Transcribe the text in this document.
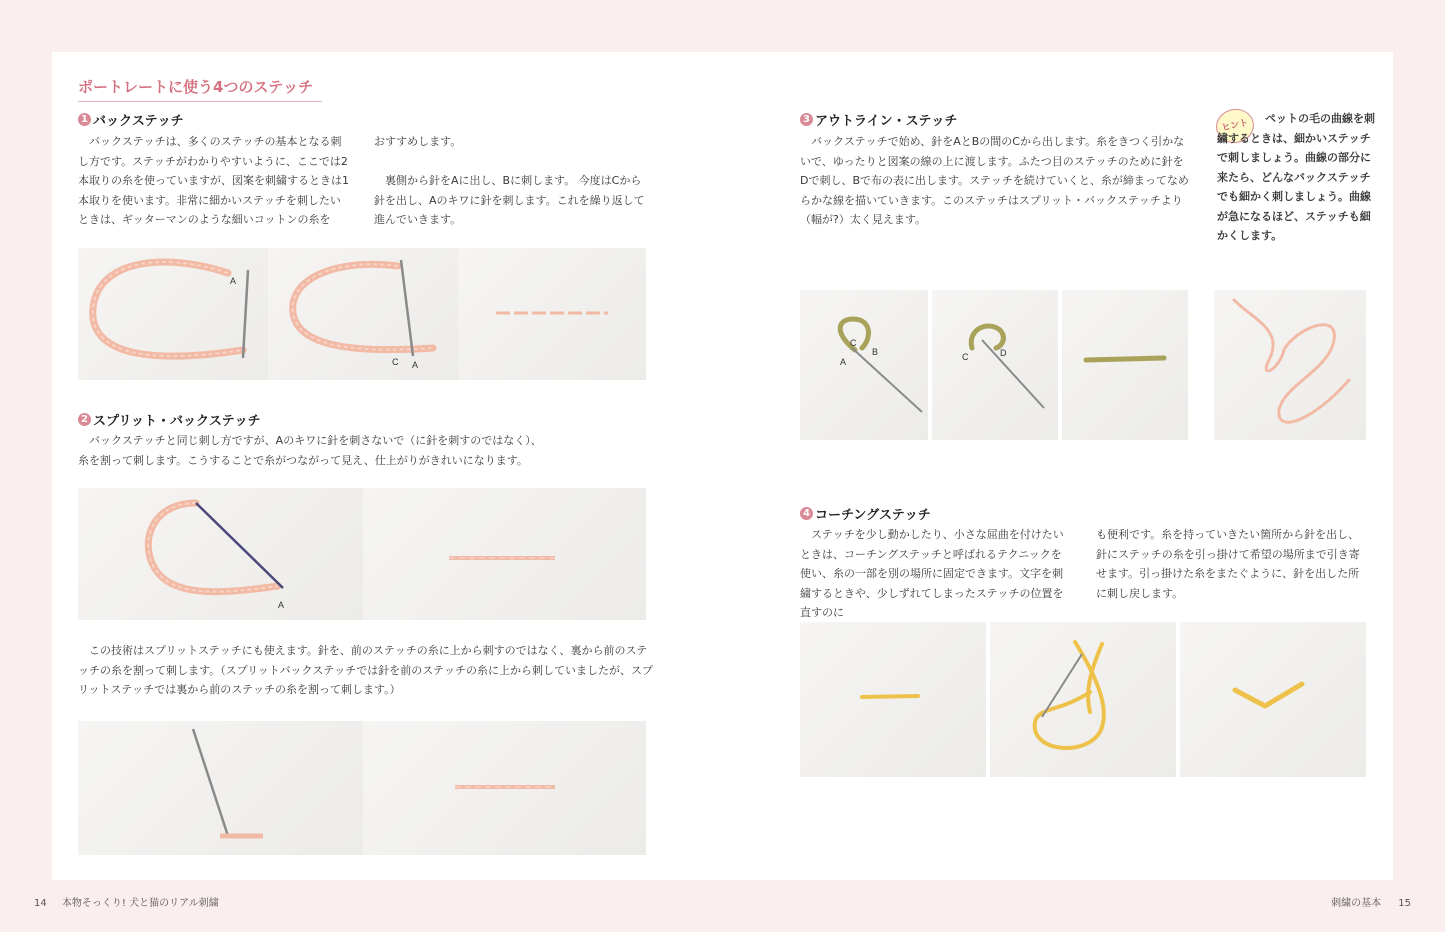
ポートレートに使う4つのステッチ
1 バックステッチ

バックステッチは、多くのステッチの基本となる刺し方です。ステッチがわかりやすいように、ここでは2本取りの糸を使っていますが、図案を刺繍するときは1本取りを使います。非常に細かいステッチを刺したいときは、ギッターマンのような細いコットンの糸を

おすすめします。

裏側から針をAに出し、Bに刺します。 今度はCから針を出し、Aのキワに針を刺します。これを繰り返して進んでいきます。

A
C A
2 スプリット・バックステッチ

バックステッチと同じ刺し方ですが、Aのキワに針を刺さないで（に針を刺すのではなく）、糸を割って刺します。こうすることで糸がつながって見え、仕上がりがきれいになります。

A

この技術はスプリットステッチにも使えます。針を、前のステッチの糸に上から刺すのではなく、裏から前のステッチの糸を割って刺します。（スプリットバックステッチでは針を前のステッチの糸に上から刺していましたが、スプリットステッチでは裏から前のステッチの糸を割って刺します。）

3 アウトライン・ステッチ

バックステッチで始め、針をAとBの間のCから出します。糸をきつく引かないで、ゆったりと図案の線の上に渡します。ふたつ目のステッチのために針をDで刺し、Bで布の表に出します。ステッチを続けていくと、糸が締まってなめらかな線を描いていきます。このステッチはスプリット・バックステッチより（幅が?）太く見えます。

ヒント	ペットの毛の曲線を刺繍するときは、細かいステッチで刺しましょう。曲線の部分に来たら、どんなバックステッチでも細かく刺しましょう。曲線が急になるほど、ステッチも細かくします。
C
B
A	C	D
4 コーチングステッチ

ステッチを少し動かしたり、小さな屈曲を付けたいときは、コーチングステッチと呼ばれるテクニックを使い、糸の一部を別の場所に固定できます。文字を刺繍するときや、少しずれてしまったステッチの位置を直すのに

も便利です。糸を持っていきたい箇所から針を出し、針にステッチの糸を引っ掛けて希望の場所まで引き寄せます。引っ掛けた糸をまたぐように、針を出した所に刺し戻します。
14 本物そっくり! 犬と猫のリアル刺繍	刺繍の基本 15
